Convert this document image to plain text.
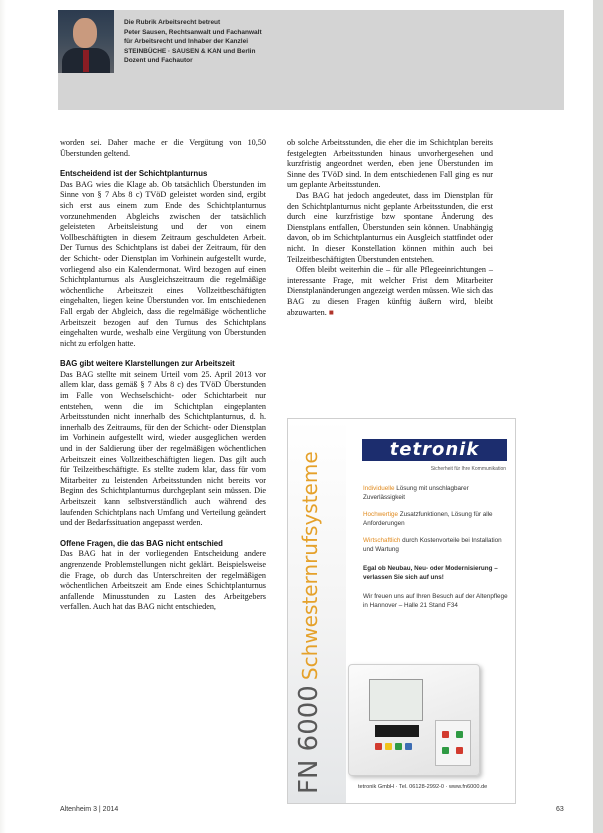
Die Rubrik Arbeitsrecht betreut
Peter Sausen, Rechtsanwalt und Fachanwalt
für Arbeitsrecht und Inhaber der Kanzlei
STEINBÜCHE · SAUSEN & KAN und Berlin
Dozent und Fachautor

worden sei. Daher mache er die Vergütung von 10,50 Überstunden geltend.

Entscheidend ist der Schichtplanturnus

Das BAG wies die Klage ab. Ob tatsächlich Überstunden im Sinne von § 7 Abs 8 c) TVöD geleistet worden sind, ergibt sich erst aus einem zum Ende des Schichtplanturnus vorzunehmenden Abgleichs zwischen der tatsächlich geleisteten Arbeitsleistung und der von einem Vollbeschäftigten in diesem Zeitraum geschuldeten Arbeit. Der Turnus des Schichtplans ist dabei der Zeitraum, für den der Schicht- oder Dienstplan im Vorhinein aufgestellt wurde, vorliegend also ein Kalendermonat. Wird bezogen auf einen Schichtplanturnus als Ausgleichszeitraum die regelmäßige wöchentliche Arbeitszeit eines Vollzeitbeschäftigten eingehalten, liegen keine Überstunden vor. Im entschiedenen Fall ergab der Abgleich, dass die regelmäßige wöchentliche Arbeitszeit bezogen auf den Turnus des Schichtplans eingehalten wurde, weshalb eine Vergütung von Überstunden nicht zu erfolgen hatte.

BAG gibt weitere Klarstellungen zur Arbeitszeit

Das BAG stellte mit seinem Urteil vom 25. April 2013 vor allem klar, dass gemäß § 7 Abs 8 c) des TVöD Überstunden im Falle von Wechselschicht- oder Schichtarbeit nur entstehen, wenn die im Schichtplan eingeplanten Arbeitsstunden nicht innerhalb des Schichtplanturnus, d. h. innerhalb des Zeitraums, für den der Schicht- oder Dienstplan im Vorhinein aufgestellt wird, wieder ausgeglichen werden und in der Saldierung über der regelmäßigen wöchentlichen Arbeitszeit eines Vollzeitbeschäftigten liegen. Das gilt auch für Teilzeitbeschäftigte. Es stellte zudem klar, dass für vom Mitarbeiter zu leistenden Arbeitsstunden nicht bereits vor Beginn des Schichtplanturnus durchgeplant sein müssen. Die Arbeitszeit kann selbstverständlich auch während des laufenden Schichtplans nach Umfang und Verteilung geändert und der Bedarfssituation angepasst werden.

Offene Fragen, die das BAG nicht entschied

Das BAG hat in der vorliegenden Entscheidung andere angrenzende Problemstellungen nicht geklärt. Beispielsweise die Frage, ob durch das Unterschreiten der regelmäßigen wöchentlichen Arbeitszeit am Ende eines Schichtplanturnus anfallende Minusstunden zu Lasten des Arbeitgebers verfallen. Auch hat das BAG nicht entschieden,

ob solche Arbeitsstunden, die eher die im Schichtplan bereits festgelegten Arbeitsstunden hinaus unvorhergesehen und kurzfristig angeordnet werden, eben jene Überstunden im Sinne des TVöD sind. In dem entschiedenen Fall ging es nur um geplante Arbeitsstunden.

Das BAG hat jedoch angedeutet, dass im Dienstplan für den Schichtplanturnus nicht geplante Arbeitsstunden, die erst durch eine kurzfristige bzw spontane Änderung des Dienstplans entfallen, Überstunden sein können. Unabhängig davon, ob im Schichtplanturnus ein Ausgleich stattfindet oder nicht. In dieser Konstellation können mithin auch bei Teilzeitbeschäftigten Überstunden entstehen.

Offen bleibt weiterhin die – für alle Pflegeeinrichtungen – interessante Frage, mit welcher Frist dem Mitarbeiter Dienstplanänderungen angezeigt werden müssen. Wie sich das BAG zu diesen Fragen künftig äußern wird, bleibt abzuwarten. ■

FN 6000 Schwesternrufsysteme
tetronik
Sicherheit für Ihre Kommunikation
Individuelle Lösung mit unschlagbarer Zuverlässigkeit
Hochwertige Zusatzfunktionen, Lösung für alle Anforderungen
Wirtschaftlich durch Kostenvorteile bei Installation und Wartung
Egal ob Neubau, Neu- oder Modernisierung – verlassen Sie sich auf uns!
Wir freuen uns auf Ihren Besuch auf der Altenpflege in Hannover – Halle 21 Stand F34
tetronik GmbH · Tel. 06128-2992-0 · www.fn6000.de
Altenheim 3 | 2014	63
